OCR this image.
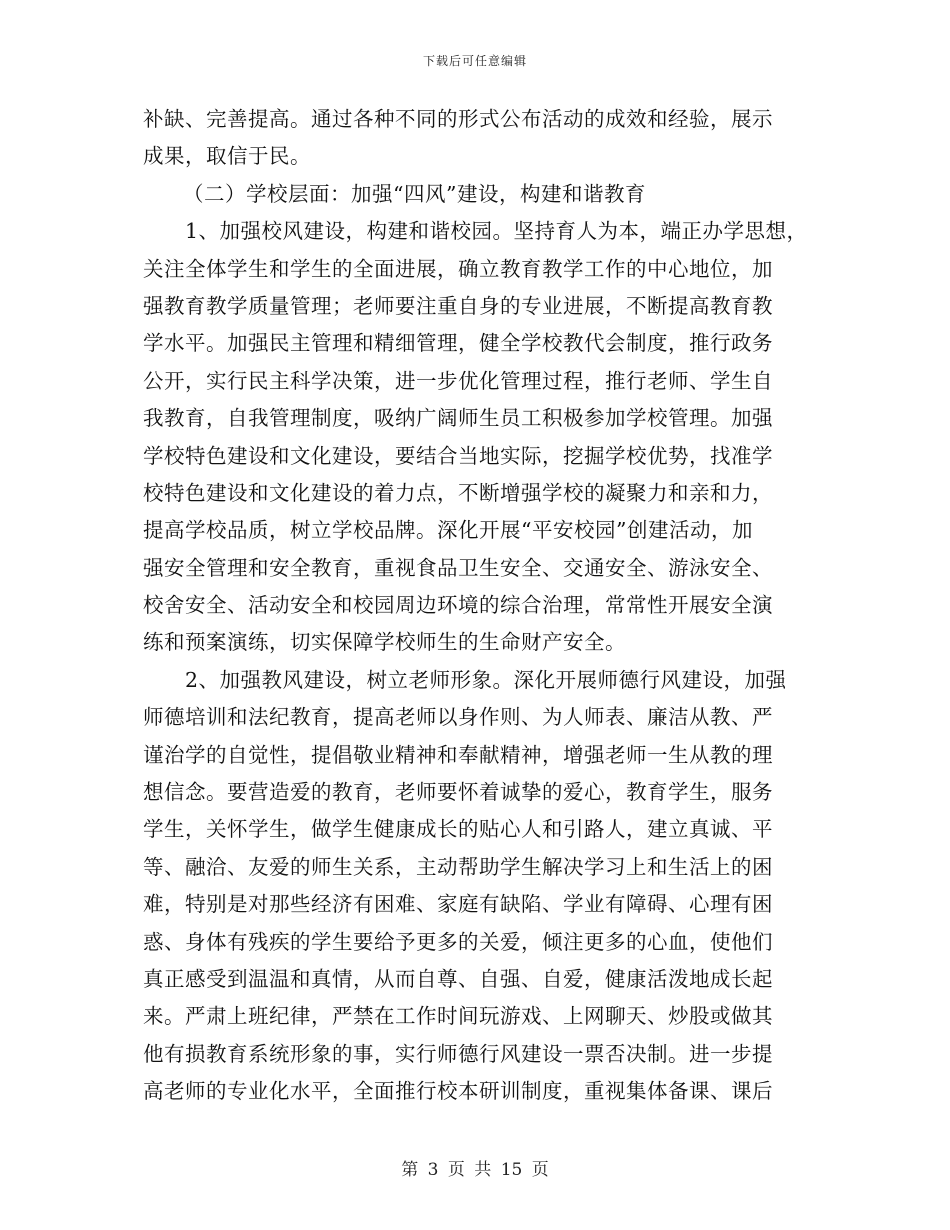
下载后可任意编辑
补缺、完善提高。通过各种不同的形式公布活动的成效和经验，展示
成果，取信于民。
（二）学校层面：加强“四风”建设，构建和谐教育
1、加强校风建设，构建和谐校园。坚持育人为本，端正办学思想，
关注全体学生和学生的全面进展，确立教育教学工作的中心地位，加
强教育教学质量管理；老师要注重自身的专业进展，不断提高教育教
学水平。加强民主管理和精细管理，健全学校教代会制度，推行政务
公开，实行民主科学决策，进一步优化管理过程，推行老师、学生自
我教育，自我管理制度，吸纳广阔师生员工积极参加学校管理。加强
学校特色建设和文化建设，要结合当地实际，挖掘学校优势，找准学
校特色建设和文化建设的着力点，不断增强学校的凝聚力和亲和力，
提高学校品质，树立学校品牌。深化开展“平安校园”创建活动，加
强安全管理和安全教育，重视食品卫生安全、交通安全、游泳安全、
校舍安全、活动安全和校园周边环境的综合治理，常常性开展安全演
练和预案演练，切实保障学校师生的生命财产安全。
2、加强教风建设，树立老师形象。深化开展师德行风建设，加强
师德培训和法纪教育，提高老师以身作则、为人师表、廉洁从教、严
谨治学的自觉性，提倡敬业精神和奉献精神，增强老师一生从教的理
想信念。要营造爱的教育，老师要怀着诚挚的爱心，教育学生，服务
学生，关怀学生，做学生健康成长的贴心人和引路人，建立真诚、平
等、融洽、友爱的师生关系，主动帮助学生解决学习上和生活上的困
难，特别是对那些经济有困难、家庭有缺陷、学业有障碍、心理有困
惑、身体有残疾的学生要给予更多的关爱，倾注更多的心血，使他们
真正感受到温温和真情，从而自尊、自强、自爱，健康活泼地成长起
来。严肃上班纪律，严禁在工作时间玩游戏、上网聊天、炒股或做其
他有损教育系统形象的事，实行师德行风建设一票否决制。进一步提
高老师的专业化水平，全面推行校本研训制度，重视集体备课、课后
第 3 页 共 15 页
